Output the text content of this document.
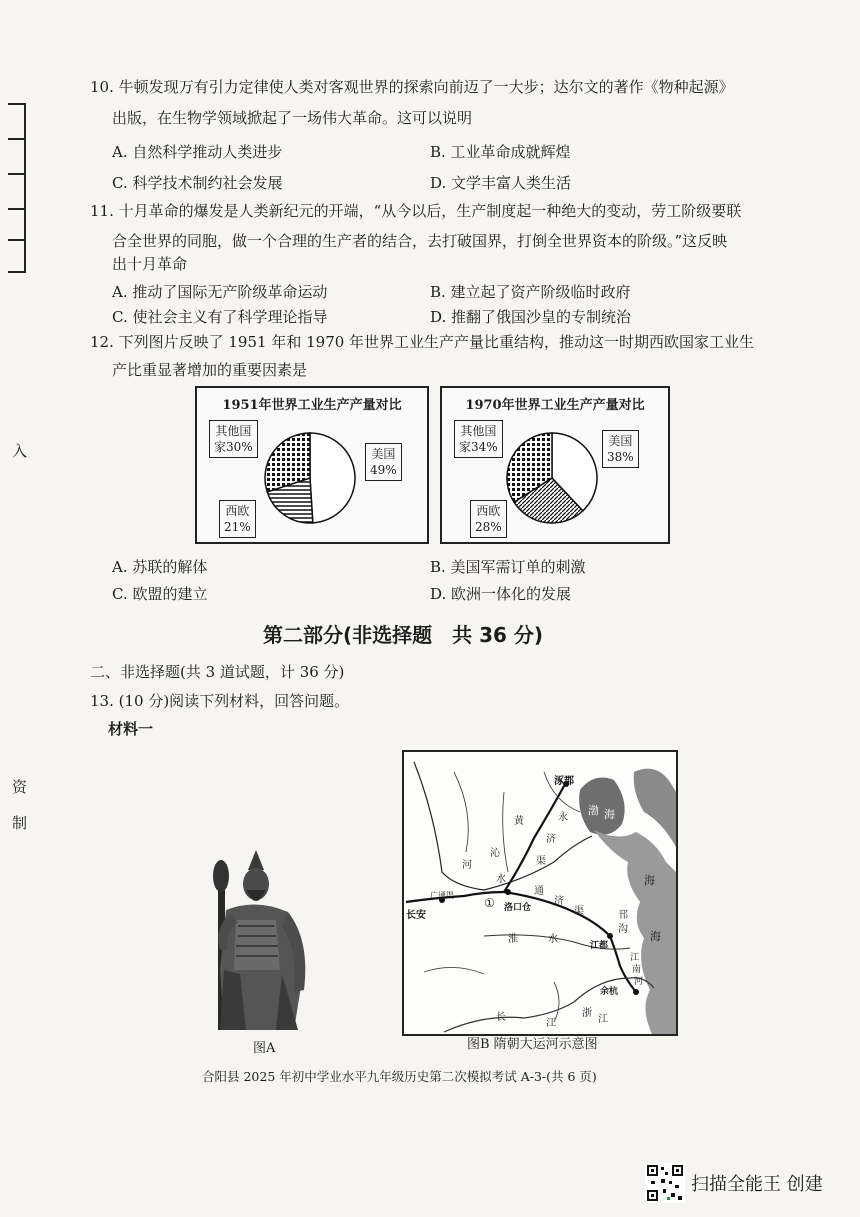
入
资
制
10. 牛顿发现万有引力定律使人类对客观世界的探索向前迈了一大步；达尔文的著作《物种起源》
出版，在生物学领域掀起了一场伟大革命。这可以说明
A. 自然科学推动人类进步	B. 工业革命成就辉煌
C. 科学技术制约社会发展	D. 文学丰富人类生活
11. 十月革命的爆发是人类新纪元的开端，“从今以后，生产制度起一种绝大的变动，劳工阶级要联
合全世界的同胞，做一个合理的生产者的结合，去打破国界，打倒全世界资本的阶级。”这反映
出十月革命
A. 推动了国际无产阶级革命运动	B. 建立起了资产阶级临时政府
C. 使社会主义有了科学理论指导	D. 推翻了俄国沙皇的专制统治
12. 下列图片反映了 1951 年和 1970 年世界工业生产产量比重结构，推动这一时期西欧国家工业生
产比重显著增加的重要因素是
1951年世界工业生产产量对比
其他国
家30%	美国
49%
西欧
21%
1970年世界工业生产产量对比
其他国
家34%	美国
38%
西欧
28%
A. 苏联的解体	B. 美国军需订单的刺激
C. 欧盟的建立	D. 欧洲一体化的发展
第二部分(非选择题　共 36 分)
二、非选择题(共 3 道试题，计 36 分)
13. (10 分)阅读下列材料，回答问题。
材料一
涿郡
黄
河
沁
水
永
济
渠
长安
广通渠
① 洛口仓
通
济
渠
淮	水
邗
沟
江都
江
南
河
余杭
浙
江
长
江
渤 海
海
海
图A	图B 隋朝大运河示意图
合阳县 2025 年初中学业水平九年级历史第二次模拟考试 A-3-(共 6 页)
扫描全能王 创建
